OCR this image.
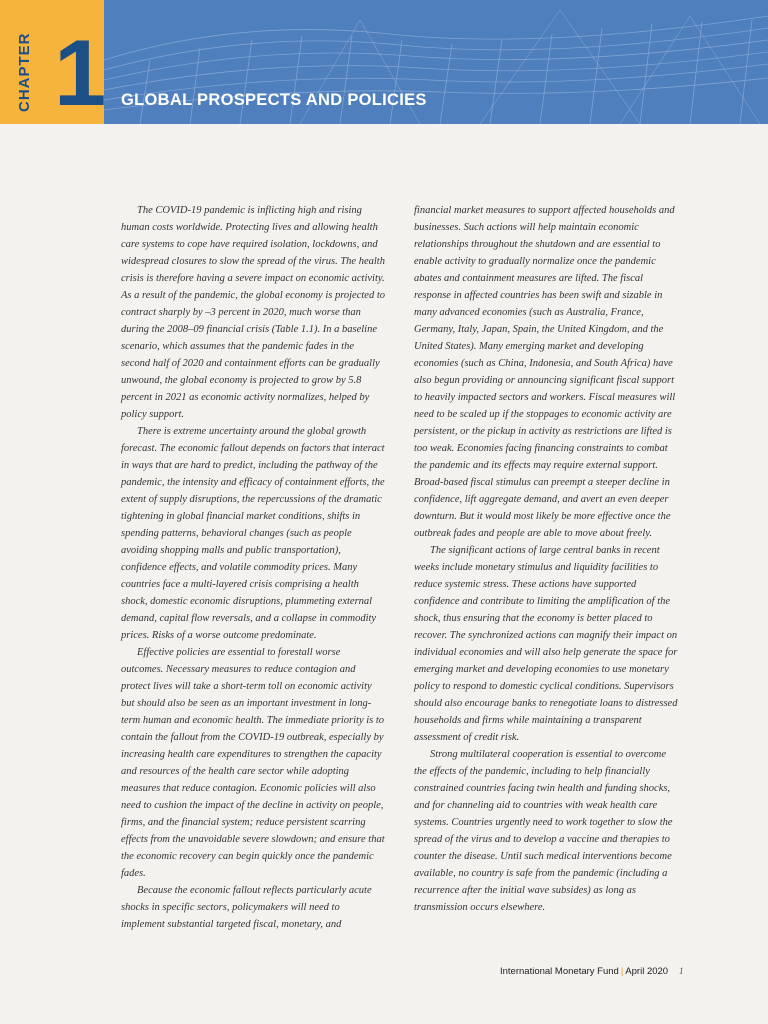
CHAPTER 1 GLOBAL PROSPECTS AND POLICIES

The COVID-19 pandemic is inflicting high and rising human costs worldwide. Protecting lives and allowing health care systems to cope have required isolation, lockdowns, and widespread closures to slow the spread of the virus. The health crisis is therefore having a severe impact on economic activity. As a result of the pandemic, the global economy is projected to contract sharply by –3 percent in 2020, much worse than during the 2008–09 financial crisis (Table 1.1). In a baseline scenario, which assumes that the pandemic fades in the second half of 2020 and containment efforts can be gradually unwound, the global economy is projected to grow by 5.8 percent in 2021 as economic activity normalizes, helped by policy support.

There is extreme uncertainty around the global growth forecast. The economic fallout depends on factors that interact in ways that are hard to predict, including the pathway of the pandemic, the intensity and efficacy of containment efforts, the extent of supply disruptions, the repercussions of the dramatic tightening in global financial market conditions, shifts in spending patterns, behavioral changes (such as people avoiding shopping malls and public transportation), confidence effects, and volatile commodity prices. Many countries face a multi-layered crisis comprising a health shock, domestic economic disruptions, plummeting external demand, capital flow reversals, and a collapse in commodity prices. Risks of a worse outcome predominate.

Effective policies are essential to forestall worse outcomes. Necessary measures to reduce contagion and protect lives will take a short-term toll on economic activity but should also be seen as an important investment in long-term human and economic health. The immediate priority is to contain the fallout from the COVID-19 outbreak, especially by increasing health care expenditures to strengthen the capacity and resources of the health care sector while adopting measures that reduce contagion. Economic policies will also need to cushion the impact of the decline in activity on people, firms, and the financial system; reduce persistent scarring effects from the unavoidable severe slowdown; and ensure that the economic recovery can begin quickly once the pandemic fades.

Because the economic fallout reflects particularly acute shocks in specific sectors, policymakers will need to implement substantial targeted fiscal, monetary, and

financial market measures to support affected households and businesses. Such actions will help maintain economic relationships throughout the shutdown and are essential to enable activity to gradually normalize once the pandemic abates and containment measures are lifted. The fiscal response in affected countries has been swift and sizable in many advanced economies (such as Australia, France, Germany, Italy, Japan, Spain, the United Kingdom, and the United States). Many emerging market and developing economies (such as China, Indonesia, and South Africa) have also begun providing or announcing significant fiscal support to heavily impacted sectors and workers. Fiscal measures will need to be scaled up if the stoppages to economic activity are persistent, or the pickup in activity as restrictions are lifted is too weak. Economies facing financing constraints to combat the pandemic and its effects may require external support. Broad-based fiscal stimulus can preempt a steeper decline in confidence, lift aggregate demand, and avert an even deeper downturn. But it would most likely be more effective once the outbreak fades and people are able to move about freely.

The significant actions of large central banks in recent weeks include monetary stimulus and liquidity facilities to reduce systemic stress. These actions have supported confidence and contribute to limiting the amplification of the shock, thus ensuring that the economy is better placed to recover. The synchronized actions can magnify their impact on individual economies and will also help generate the space for emerging market and developing economies to use monetary policy to respond to domestic cyclical conditions. Supervisors should also encourage banks to renegotiate loans to distressed households and firms while maintaining a transparent assessment of credit risk.

Strong multilateral cooperation is essential to overcome the effects of the pandemic, including to help financially constrained countries facing twin health and funding shocks, and for channeling aid to countries with weak health care systems. Countries urgently need to work together to slow the spread of the virus and to develop a vaccine and therapies to counter the disease. Until such medical interventions become available, no country is safe from the pandemic (including a recurrence after the initial wave subsides) as long as transmission occurs elsewhere.

International Monetary Fund | April 2020 1
